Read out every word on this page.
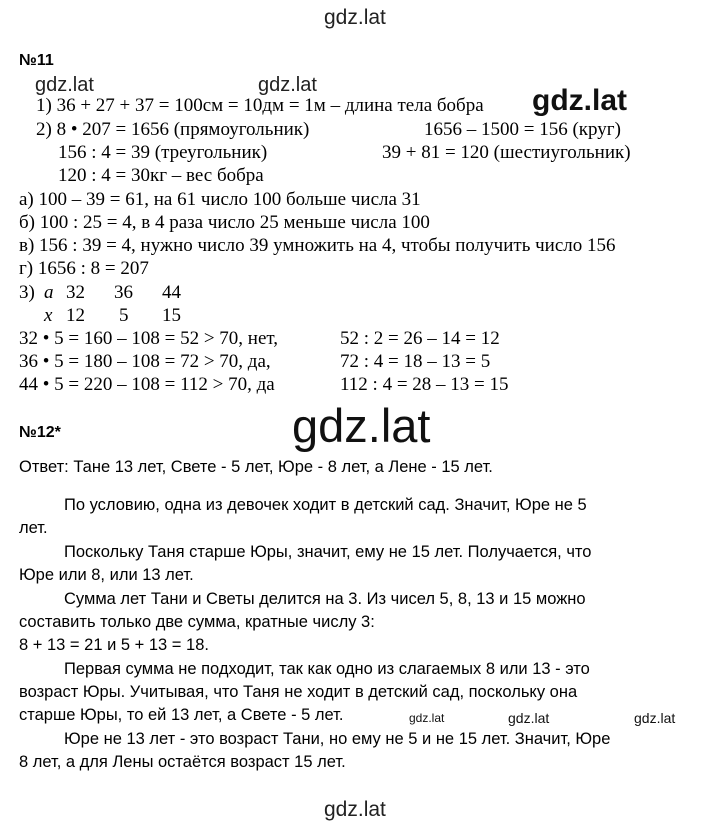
gdz.lat
gdz.lat	gdz.lat	gdz.lat
gdz.lat
gdz.lat	gdz.lat	gdz.lat
gdz.lat
№11
1) 36 + 27 + 37 = 100см = 10дм = 1м – длина тела бобра
2) 8 • 207 = 1656 (прямоугольник)	1656 – 1500 = 156 (круг)
156 : 4 = 39 (треугольник)	39 + 81 = 120 (шестиугольник)
120 : 4 = 30кг – вес бобра
а) 100 – 39 = 61, на 61 число 100 больше числа 31
б) 100 : 25 = 4, в 4 раза число 25 меньше числа 100
в) 156 : 39 = 4, нужно число 39 умножить на 4, чтобы получить число 156
г) 1656 : 8 = 207
3) а 32 36 44
х 12 5 15
32 • 5 = 160 – 108 = 52 > 70, нет,	52 : 2 = 26 – 14 = 12
36 • 5 = 180 – 108 = 72 > 70, да,	72 : 4 = 18 – 13 = 5
44 • 5 = 220 – 108 = 112 > 70, да	112 : 4 = 28 – 13 = 15
№12*
Ответ: Тане 13 лет, Свете - 5 лет, Юре - 8 лет, а Лене - 15 лет.
По условию, одна из девочек ходит в детский сад. Значит, Юре не 5
лет.
Поскольку Таня старше Юры, значит, ему не 15 лет. Получается, что
Юре или 8, или 13 лет.
Сумма лет Тани и Светы делится на 3. Из чисел 5, 8, 13 и 15 можно
составить только две сумма, кратные числу 3:
8 + 13 = 21 и 5 + 13 = 18.
Первая сумма не подходит, так как одно из слагаемых 8 или 13 - это
возраст Юры. Учитывая, что Таня не ходит в детский сад, поскольку она
старше Юры, то ей 13 лет, а Свете - 5 лет.
Юре не 13 лет - это возраст Тани, но ему не 5 и не 15 лет. Значит, Юре
8 лет, а для Лены остаётся возраст 15 лет.
